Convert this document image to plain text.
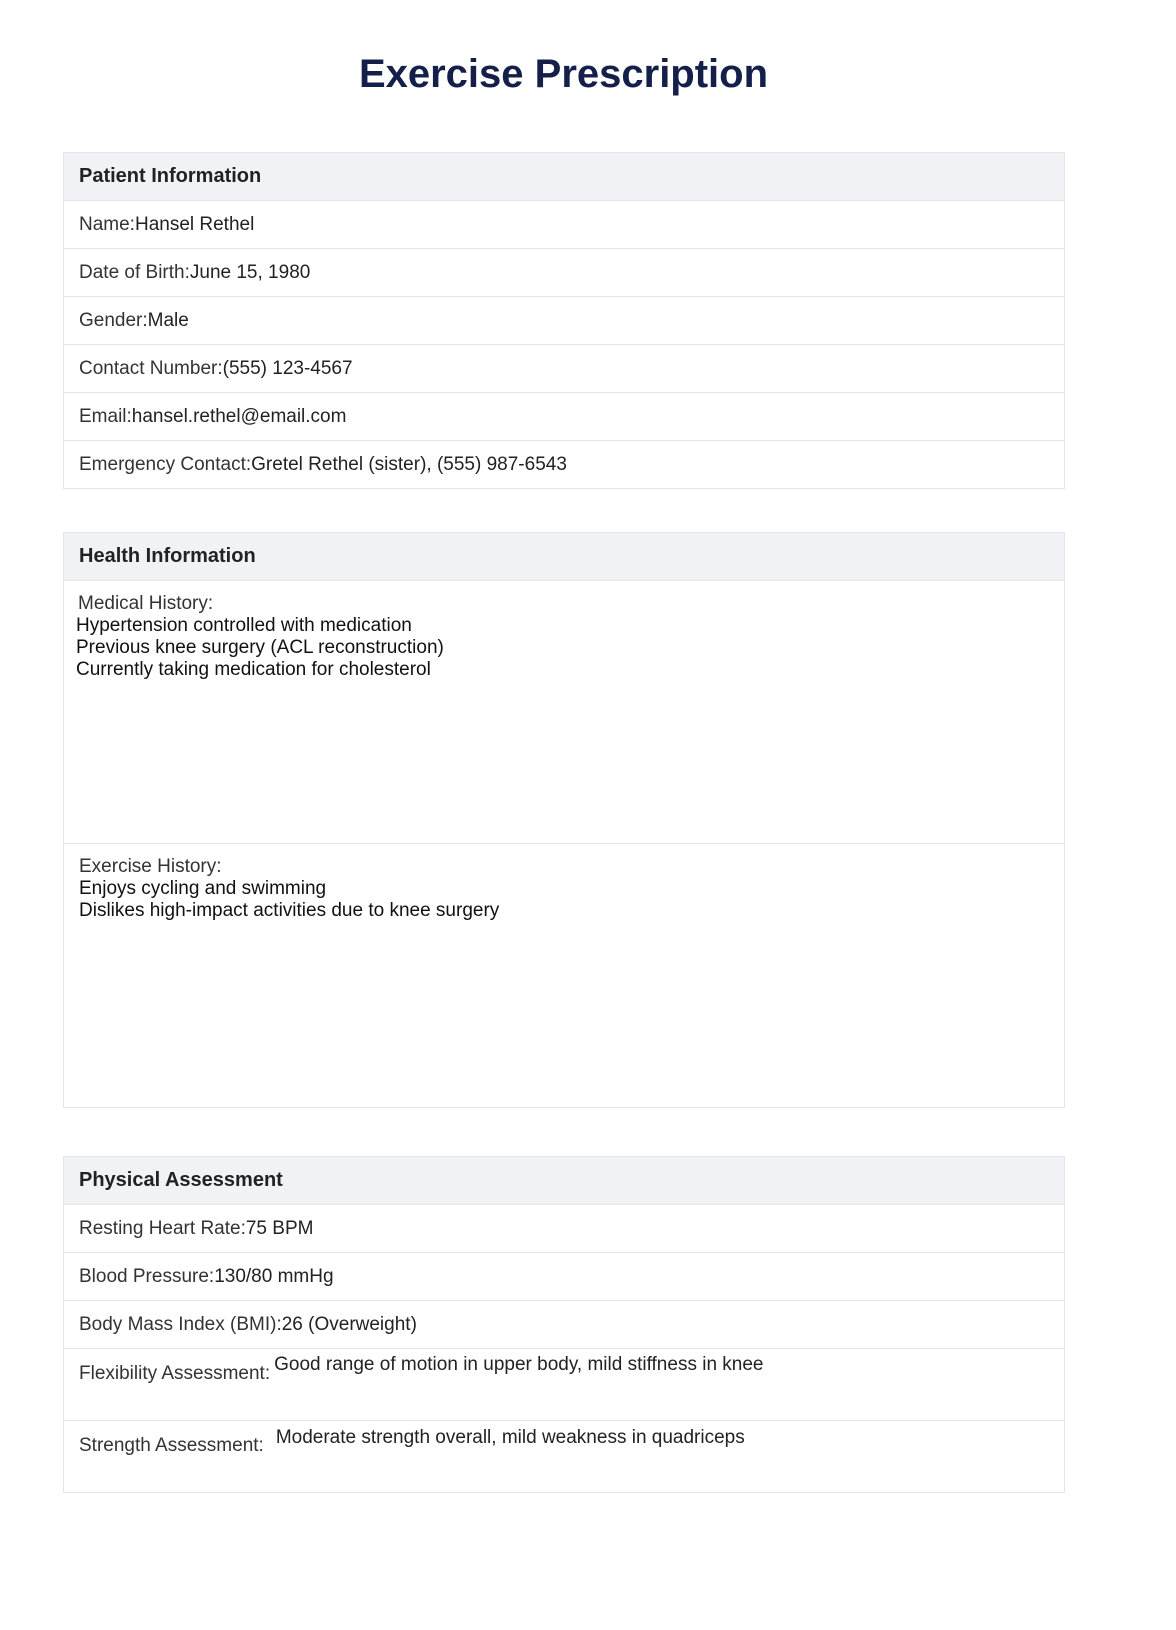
Exercise Prescription
Patient Information
Name:Hansel Rethel
Date of Birth:June 15, 1980
Gender:Male
Contact Number:(555) 123-4567
Email:hansel.rethel@email.com
Emergency Contact:Gretel Rethel (sister), (555) 987-6543
Health Information
Medical History:
Hypertension controlled with medication
Previous knee surgery (ACL reconstruction)
Currently taking medication for cholesterol
Exercise History:
Enjoys cycling and swimming
Dislikes high-impact activities due to knee surgery
Physical Assessment
Resting Heart Rate:75 BPM
Blood Pressure:130/80 mmHg
Body Mass Index (BMI):26 (Overweight)
Flexibility Assessment: Good range of motion in upper body, mild stiffness in knee
Strength Assessment: Moderate strength overall, mild weakness in quadriceps
